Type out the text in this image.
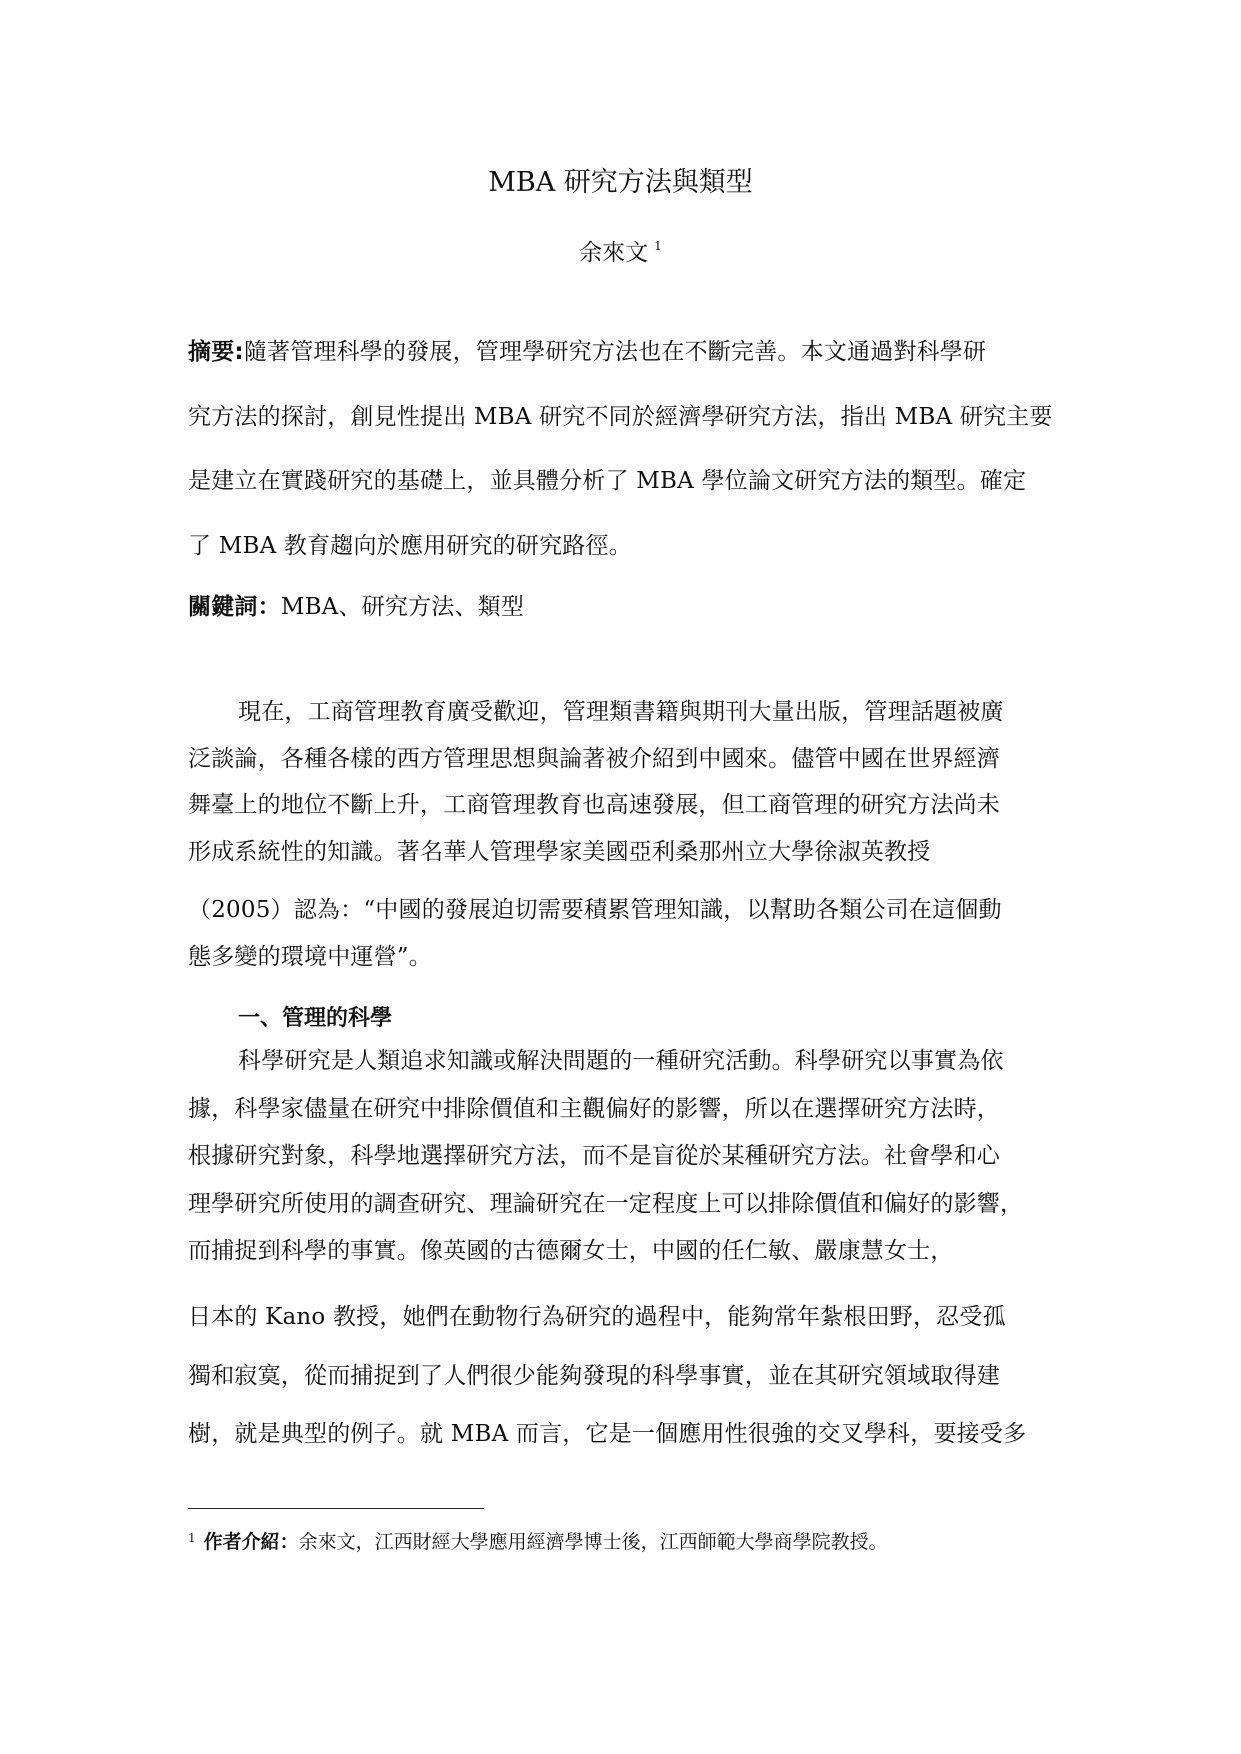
MBA 研究方法與類型
余來文 $^1$
摘要:隨著管理科學的發展，管理學研究方法也在不斷完善。本文通過對科學研
究方法的探討，創見性提出 MBA 研究不同於經濟學研究方法，指出 MBA 研究主要
是建立在實踐研究的基礎上，並具體分析了 MBA 學位論文研究方法的類型。確定
了 MBA 教育趨向於應用研究的研究路徑。
關鍵詞：MBA、研究方法、類型
現在，工商管理教育廣受歡迎，管理類書籍與期刊大量出版，管理話題被廣
泛談論，各種各樣的西方管理思想與論著被介紹到中國來。儘管中國在世界經濟
舞臺上的地位不斷上升，工商管理教育也高速發展，但工商管理的研究方法尚未
形成系統性的知識。著名華人管理學家美國亞利桑那州立大學徐淑英教授
（2005）認為：“中國的發展迫切需要積累管理知識，以幫助各類公司在這個動
態多變的環境中運營”。
一、管理的科學
科學研究是人類追求知識或解決問題的一種研究活動。科學研究以事實為依
據，科學家儘量在研究中排除價值和主觀偏好的影響，所以在選擇研究方法時，
根據研究對象，科學地選擇研究方法，而不是盲從於某種研究方法。社會學和心
理學研究所使用的調查研究、理論研究在一定程度上可以排除價值和偏好的影響，
而捕捉到科學的事實。像英國的古德爾女士，中國的任仁敏、嚴康慧女士，
日本的 Kano 教授，她們在動物行為研究的過程中，能夠常年紮根田野，忍受孤
獨和寂寞，從而捕捉到了人們很少能夠發現的科學事實，並在其研究領域取得建
樹，就是典型的例子。就 MBA 而言，它是一個應用性很強的交叉學科，要接受多
$^1$ 作者介紹：余來文，江西財經大學應用經濟學博士後，江西師範大學商學院教授。
